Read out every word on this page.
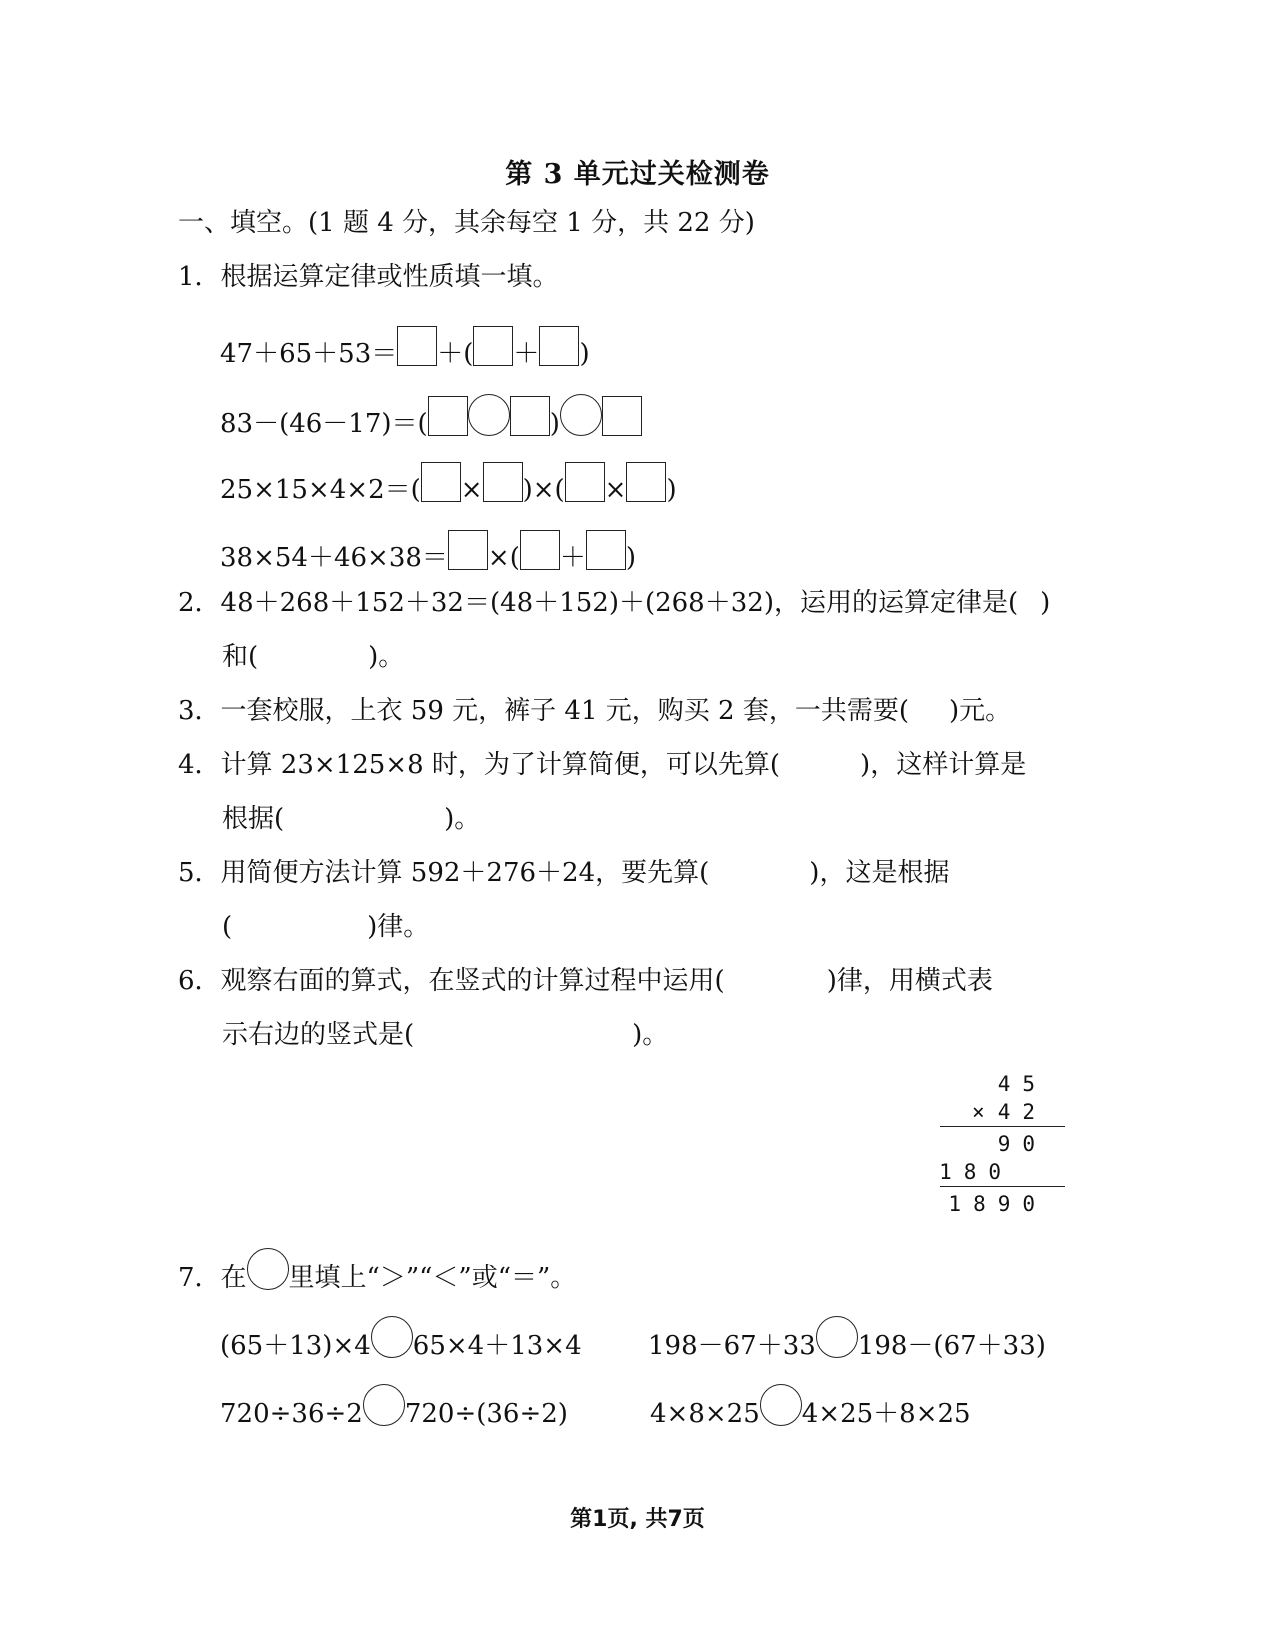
第 3 单元过关检测卷
一、填空。(1 题 4 分，其余每空 1 分，共 22 分)
1．根据运算定律或性质填一填。
47＋65＋53＝ ＋( ＋ )
83－(46－17)＝(	)
25×15×4×2＝( × )×( × )
38×54＋46×38＝ ×( ＋ )
2．48＋268＋152＋32＝(48＋152)＋(268＋32)，运用的运算定律是( )
和(	)。
3．一套校服，上衣 59 元，裤子 41 元，购买 2 套，一共需要( )元。
4．计算 23×125×8 时，为了计算简便，可以先算(	)，这样计算是
根据(	)。
5．用简便方法计算 592＋276＋24，要先算(	)，这是根据
(	)律。
6．观察右面的算式，在竖式的计算过程中运用(	)律，用横式表
示右边的竖式是(	)。
45
42
×
90
180
1890
7．在 里填上“＞”“＜”或“＝”。
(65＋13)×4 65×4＋13×4	198－67＋33 198－(67＋33)
720÷36÷2 720÷(36÷2)	4×8×25 4×25＋8×25
第1页, 共7页
